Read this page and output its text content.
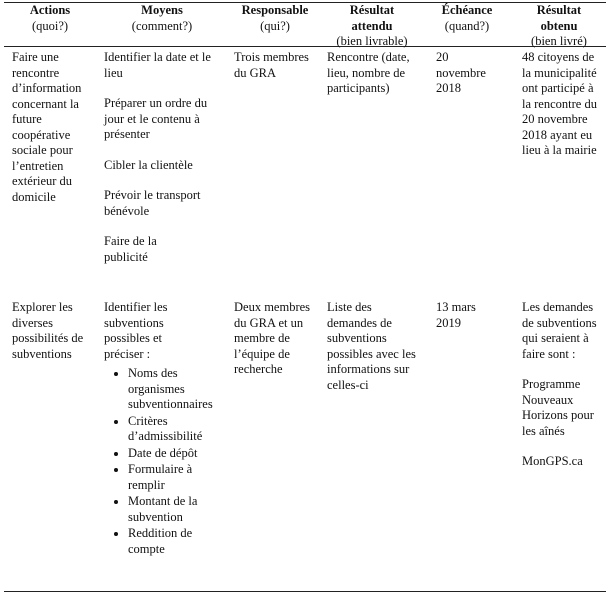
Actions
(quoi?)
Moyens
(comment?)
Responsable
(qui?)
Résultat attendu
(bien livrable)
Échéance
(quand?)
Résultat obtenu
(bien livré)
Faire une rencontre d’information concernant la future coopérative sociale pour l’entretien extérieur du domicile
Identifier la date et le lieu
Préparer un ordre du jour et le contenu à présenter
Cibler la clientèle
Prévoir le transport bénévole
Faire de la publicité
Trois membres du GRA
Rencontre (date, lieu, nombre de participants)
20 novembre 2018
48 citoyens de la municipalité ont participé à la rencontre du 20 novembre 2018 ayant eu lieu à la mairie
Explorer les diverses possibilités de subventions
Identifier les subventions possibles et préciser :
• Noms des organismes subventionnaires
• Critères d’admissibilité
• Date de dépôt
• Formulaire à remplir
• Montant de la subvention
• Reddition de compte
Deux membres du GRA et un membre de l’équipe de recherche
Liste des demandes de subventions possibles avec les informations sur celles-ci
13 mars 2019
Les demandes de subventions qui seraient à faire sont :
Programme Nouveaux Horizons pour les aînés
MonGPS.ca
